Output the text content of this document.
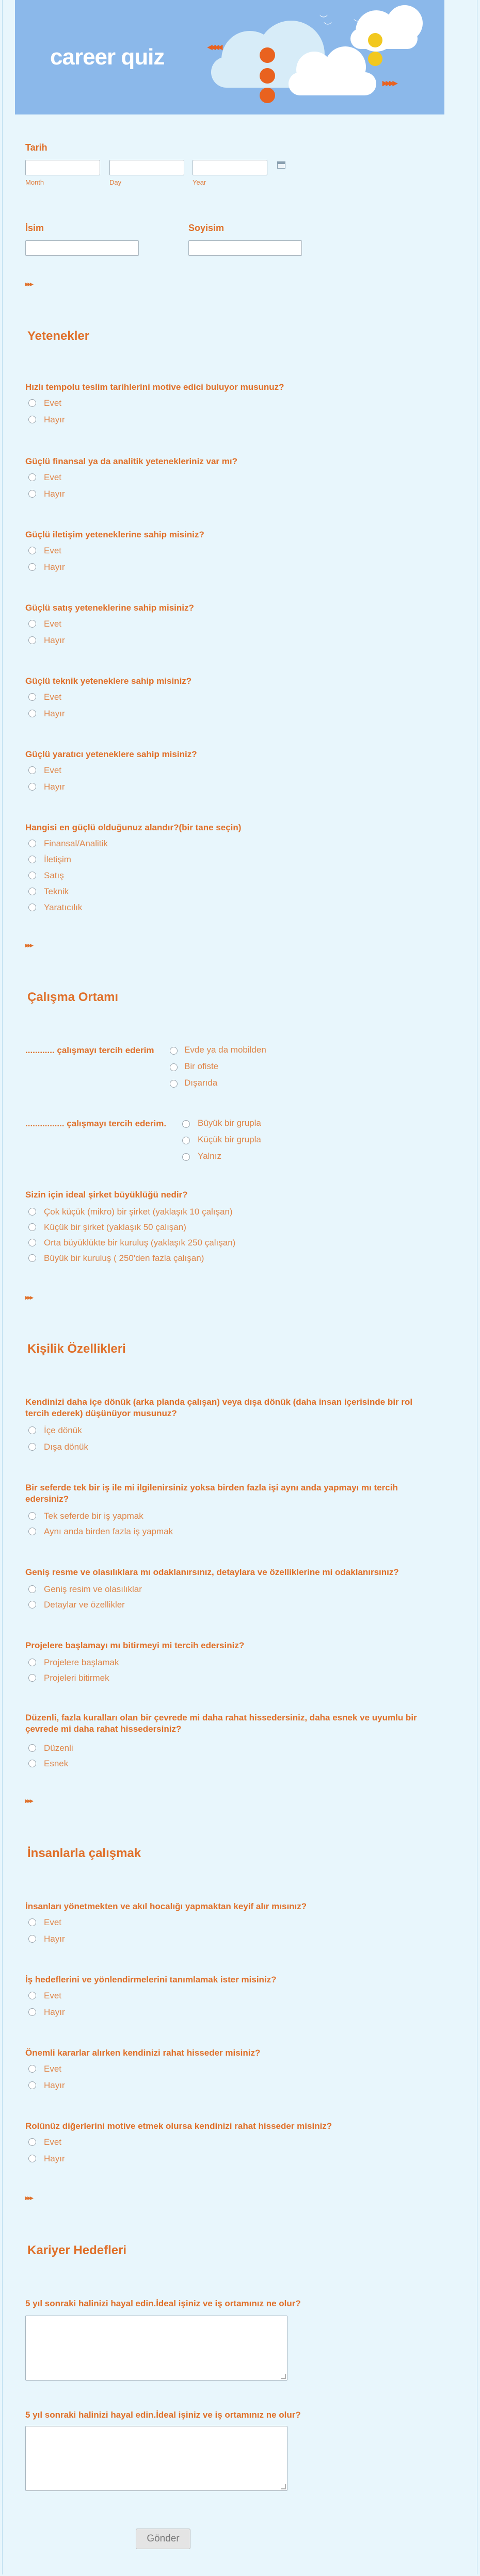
career quiz	◂◂◂◂
▸▸▸▸
︶
︶	︶
Tarih
Month	Day	Year
İsim	Soyisim
▸▸▸
Yetenekler
Hızlı tempolu teslim tarihlerini motive edici buluyor musunuz?
Evet
Hayır
Güçlü finansal ya da analitik yetenekleriniz var mı?
Evet
Hayır
Güçlü iletişim yeteneklerine sahip misiniz?
Evet
Hayır
Güçlü satış yeteneklerine sahip misiniz?
Evet
Hayır
Güçlü teknik yeteneklere sahip misiniz?
Evet
Hayır
Güçlü yaratıcı yeteneklere sahip misiniz?
Evet
Hayır
Hangisi en güçlü olduğunuz alandır?(bir tane seçin)
Finansal/Analitik
İletişim
Satış
Teknik
Yaratıcılık
▸▸▸
Çalışma Ortamı
............ çalışmayı tercih ederim	Evde ya da mobilden
Bir ofiste
Dışarıda
................ çalışmayı tercih ederim.	Büyük bir grupla
Küçük bir grupla
Yalnız
Sizin için ideal şirket büyüklüğü nedir?
Çok küçük (mikro) bir şirket (yaklaşık 10 çalışan)
Küçük bir şirket (yaklaşık 50 çalışan)
Orta büyüklükte bir kuruluş (yaklaşık 250 çalışan)
Büyük bir kuruluş ( 250'den fazla çalışan)
▸▸▸
Kişilik Özellikleri
Kendinizi daha içe dönük (arka planda çalışan) veya dışa dönük (daha insan içerisinde bir rol
tercih ederek) düşünüyor musunuz?
İçe dönük
Dışa dönük
Bir seferde tek bir iş ile mi ilgilenirsiniz yoksa birden fazla işi aynı anda yapmayı mı tercih
edersiniz?
Tek seferde bir iş yapmak
Aynı anda birden fazla iş yapmak
Geniş resme ve olasılıklara mı odaklanırsınız, detaylara ve özelliklerine mi odaklanırsınız?
Geniş resim ve olasılıklar
Detaylar ve özellikler
Projelere başlamayı mı bitirmeyi mi tercih edersiniz?
Projelere başlamak
Projeleri bitirmek
Düzenli, fazla kuralları olan bir çevrede mi daha rahat hissedersiniz, daha esnek ve uyumlu bir
çevrede mi daha rahat hissedersiniz?
Düzenli
Esnek
▸▸▸
İnsanlarla çalışmak
İnsanları yönetmekten ve akıl hocalığı yapmaktan keyif alır mısınız?
Evet
Hayır
İş hedeflerini ve yönlendirmelerini tanımlamak ister misiniz?
Evet
Hayır
Önemli kararlar alırken kendinizi rahat hisseder misiniz?
Evet
Hayır
Rolünüz diğerlerini motive etmek olursa kendinizi rahat hisseder misiniz?
Evet
Hayır
▸▸▸
Kariyer Hedefleri
5 yıl sonraki halinizi hayal edin.İdeal işiniz ve iş ortamınız ne olur?
5 yıl sonraki halinizi hayal edin.İdeal işiniz ve iş ortamınız ne olur?
Gönder
